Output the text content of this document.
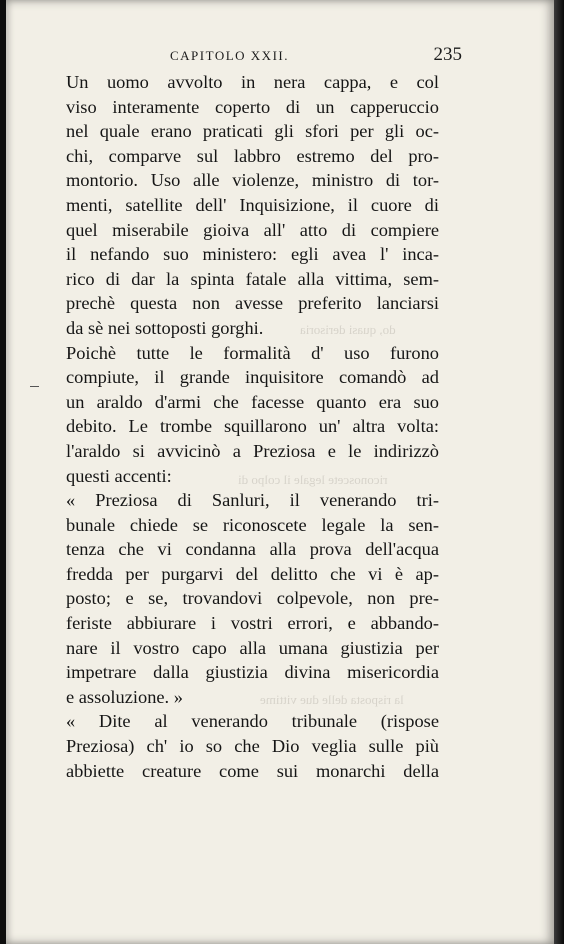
do, quasi derisoria
riconoscete legale il colpo di
la risposta delle due vittime
CAPITOLO XXII.	235
Un uomo avvolto in nera cappa, e col
viso interamente coperto di un capperuccio
nel quale erano praticati gli sfori per gli oc-
chi, comparve sul labbro estremo del pro-
montorio. Uso alle violenze, ministro di tor-
menti, satellite dell' Inquisizione, il cuore di
quel miserabile gioiva all' atto di compiere
il nefando suo ministero: egli avea l' inca-
rico di dar la spinta fatale alla vittima, sem-
prechè questa non avesse preferito lanciarsi
da sè nei sottoposti gorghi.
Poichè tutte le formalità d' uso furono
compiute, il grande inquisitore comandò ad
un araldo d'armi che facesse quanto era suo
debito. Le trombe squillarono un' altra volta:
l'araldo si avvicinò a Preziosa e le indirizzò
questi accenti:
« Preziosa di Sanluri, il venerando tri-
bunale chiede se riconoscete legale la sen-
tenza che vi condanna alla prova dell'acqua
fredda per purgarvi del delitto che vi è ap-
posto; e se, trovandovi colpevole, non pre-
feriste abbiurare i vostri errori, e abbando-
nare il vostro capo alla umana giustizia per
impetrare dalla giustizia divina misericordia
e assoluzione. »
« Dite al venerando tribunale (rispose
Preziosa) ch' io so che Dio veglia sulle più
abbiette creature come sui monarchi della
